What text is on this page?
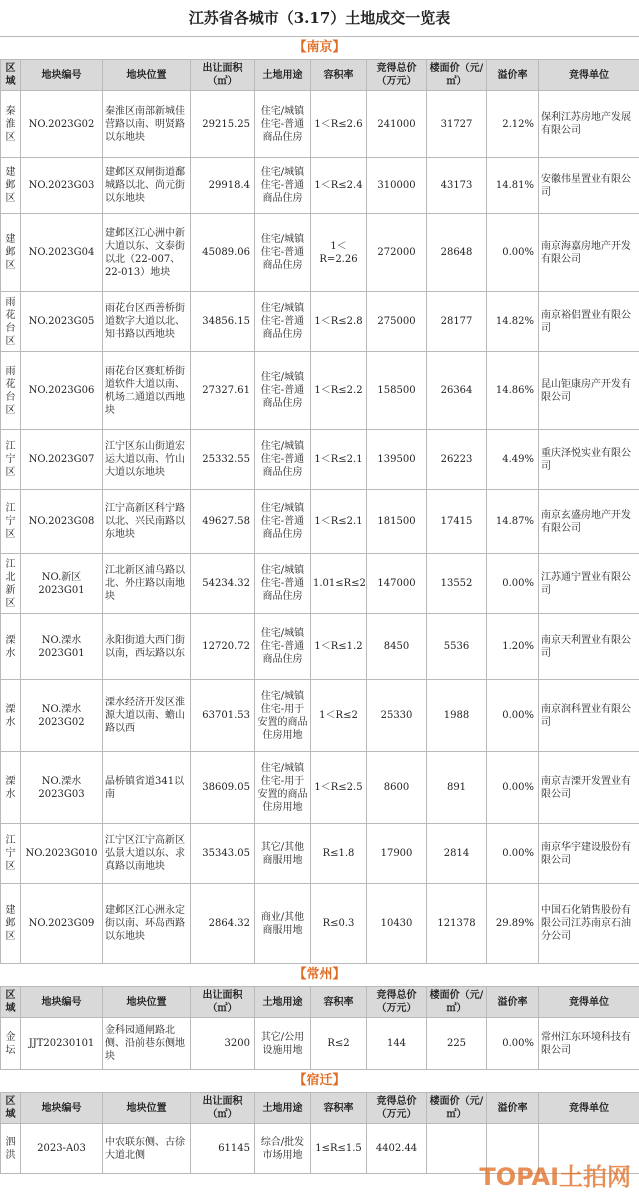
江苏省各城市（3.17）土地成交一览表
【南京】
区域	地块编号	地块位置	出让面积（㎡）	土地用途	容积率	竞得总价（万元）	楼面价（元/㎡）	溢价率	竞得单位
秦淮区	NO.2023G02	秦淮区南部新城佳营路以南、明贤路以东地块	29215.25	住宅/城镇住宅-普通商品住房	1＜R≤2.6	241000	31727	2.12%	保利江苏房地产发展有限公司
建邺区	NO.2023G03	建邺区双闸街道鄱城路以北、尚元街以东地块	29918.4	住宅/城镇住宅-普通商品住房	1＜R≤2.4	310000	43173	14.81%	安徽伟星置业有限公司
建邺区	NO.2023G04	建邺区江心洲中新大道以东、文泰街以北（22-007、22-013）地块	45089.06	住宅/城镇住宅-普通商品住房	1＜R=2.26	272000	28648	0.00%	南京海嘉房地产开发有限公司
雨花台区	NO.2023G05	雨花台区西善桥街道数字大道以北、知书路以西地块	34856.15	住宅/城镇住宅-普通商品住房	1＜R≤2.8	275000	28177	14.82%	南京裕侣置业有限公司
雨花台区	NO.2023G06	雨花台区赛虹桥街道软件大道以南、机场二通道以西地块	27327.61	住宅/城镇住宅-普通商品住房	1＜R≤2.2	158500	26364	14.86%	昆山钜康房产开发有限公司
江宁区	NO.2023G07	江宁区东山街道宏运大道以南、竹山大道以东地块	25332.55	住宅/城镇住宅-普通商品住房	1＜R≤2.1	139500	26223	4.49%	重庆泽悦实业有限公司
江宁区	NO.2023G08	江宁高新区科宁路以北、兴民南路以东地块	49627.58	住宅/城镇住宅-普通商品住房	1＜R≤2.1	181500	17415	14.87%	南京玄盛房地产开发有限公司
江北新区	NO.新区2023G01	江北新区浦乌路以北、外庄路以南地块	54234.32	住宅/城镇住宅-普通商品住房	1.01≤R≤2	147000	13552	0.00%	江苏通宁置业有限公司
溧水	NO.溧水2023G01	永阳街道大西门街以南，西坛路以东	12720.72	住宅/城镇住宅-普通商品住房	1＜R≤1.2	8450	5536	1.20%	南京天利置业有限公司
溧水	NO.溧水2023G02	溧水经济开发区淮源大道以南、蟾山路以西	63701.53	住宅/城镇住宅-用于安置的商品住房用地	1＜R≤2	25330	1988	0.00%	南京润科置业有限公司
溧水	NO.溧水2023G03	晶桥镇省道341以南	38609.05	住宅/城镇住宅-用于安置的商品住房用地	1＜R≤2.5	8600	891	0.00%	南京吉溧开发置业有限公司
江宁区	NO.2023G010	江宁区江宁高新区弘景大道以东、求真路以南地块	35343.05	其它/其他商服用地	R≤1.8	17900	2814	0.00%	南京华宇建设股份有限公司
建邺区	NO.2023G09	建邺区江心洲永定街以南、环岛西路以东地块	2864.32	商业/其他商服用地	R≤0.3	10430	121378	29.89%	中国石化销售股份有限公司江苏南京石油分公司
【常州】
区域	地块编号	地块位置	出让面积（㎡）	土地用途	容积率	竞得总价（万元）	楼面价（元/㎡）	溢价率	竞得单位
金坛	JJT20230101	金科园通闸路北侧、沿前巷东侧地块	3200	其它/公用设施用地	R≤2	144	225	0.00%	常州江东环境科技有限公司
【宿迁】
区域	地块编号	地块位置	出让面积（㎡）	土地用途	容积率	竞得总价（万元）	楼面价（元/㎡）	溢价率	竞得单位
泗洪	2023-A03	中农联东侧、古徐大道北侧	61145	综合/批发市场用地	1≤R≤1.5	4402.44			
TOPAI土拍网
